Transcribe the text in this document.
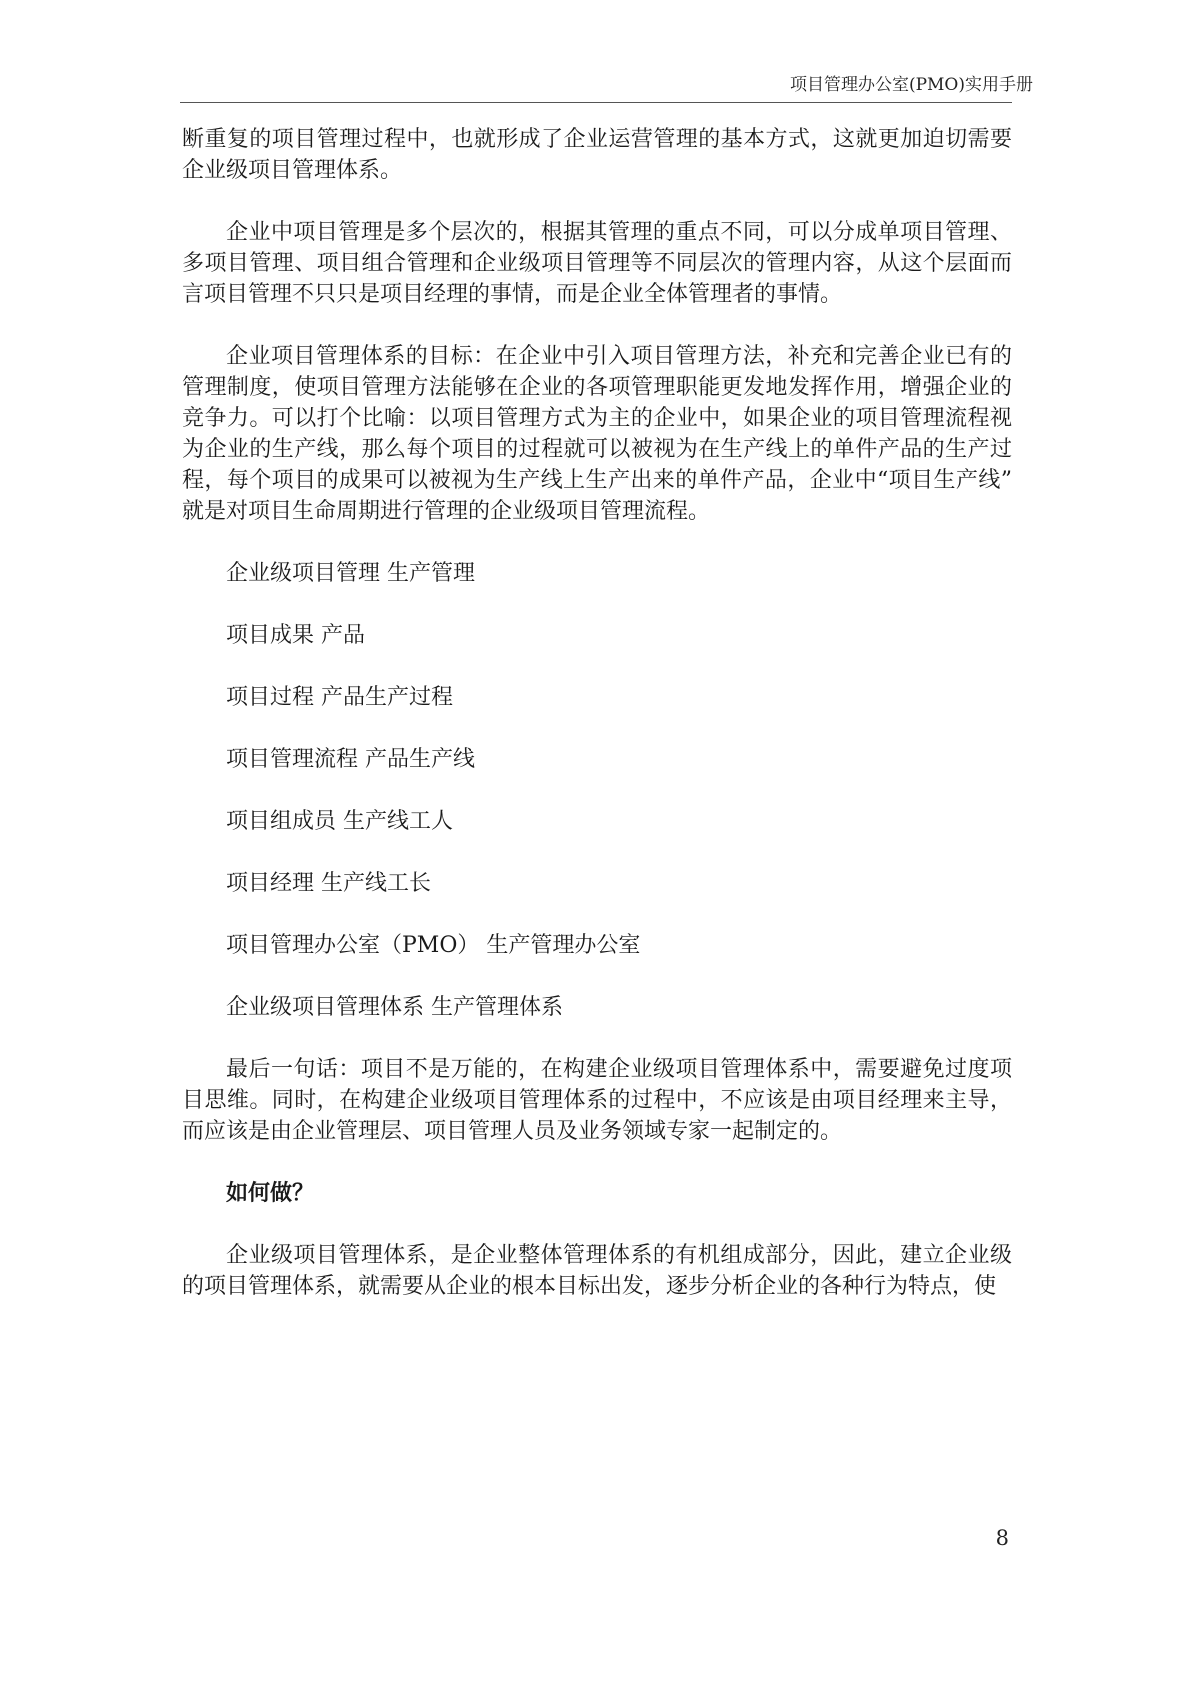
项目管理办公室(PMO)实用手册

断重复的项目管理过程中，也就形成了企业运营管理的基本方式，这就更加迫切需要企业级项目管理体系。

企业中项目管理是多个层次的，根据其管理的重点不同，可以分成单项目管理、多项目管理、项目组合管理和企业级项目管理等不同层次的管理内容，从这个层面而言项目管理不只只是项目经理的事情，而是企业全体管理者的事情。

企业项目管理体系的目标：在企业中引入项目管理方法，补充和完善企业已有的管理制度，使项目管理方法能够在企业的各项管理职能更发地发挥作用，增强企业的竞争力。可以打个比喻：以项目管理方式为主的企业中，如果企业的项目管理流程视为企业的生产线，那么每个项目的过程就可以被视为在生产线上的单件产品的生产过程，每个项目的成果可以被视为生产线上生产出来的单件产品，企业中“项目生产线”就是对项目生命周期进行管理的企业级项目管理流程。

企业级项目管理 生产管理
项目成果 产品
项目过程 产品生产过程
项目管理流程 产品生产线
项目组成员 生产线工人
项目经理 生产线工长
项目管理办公室（PMO） 生产管理办公室
企业级项目管理体系 生产管理体系

最后一句话：项目不是万能的，在构建企业级项目管理体系中，需要避免过度项目思维。同时，在构建企业级项目管理体系的过程中，不应该是由项目经理来主导，而应该是由企业管理层、项目管理人员及业务领域专家一起制定的。

如何做？

企业级项目管理体系，是企业整体管理体系的有机组成部分，因此，建立企业级的项目管理体系，就需要从企业的根本目标出发，逐步分析企业的各种行为特点，使

8
